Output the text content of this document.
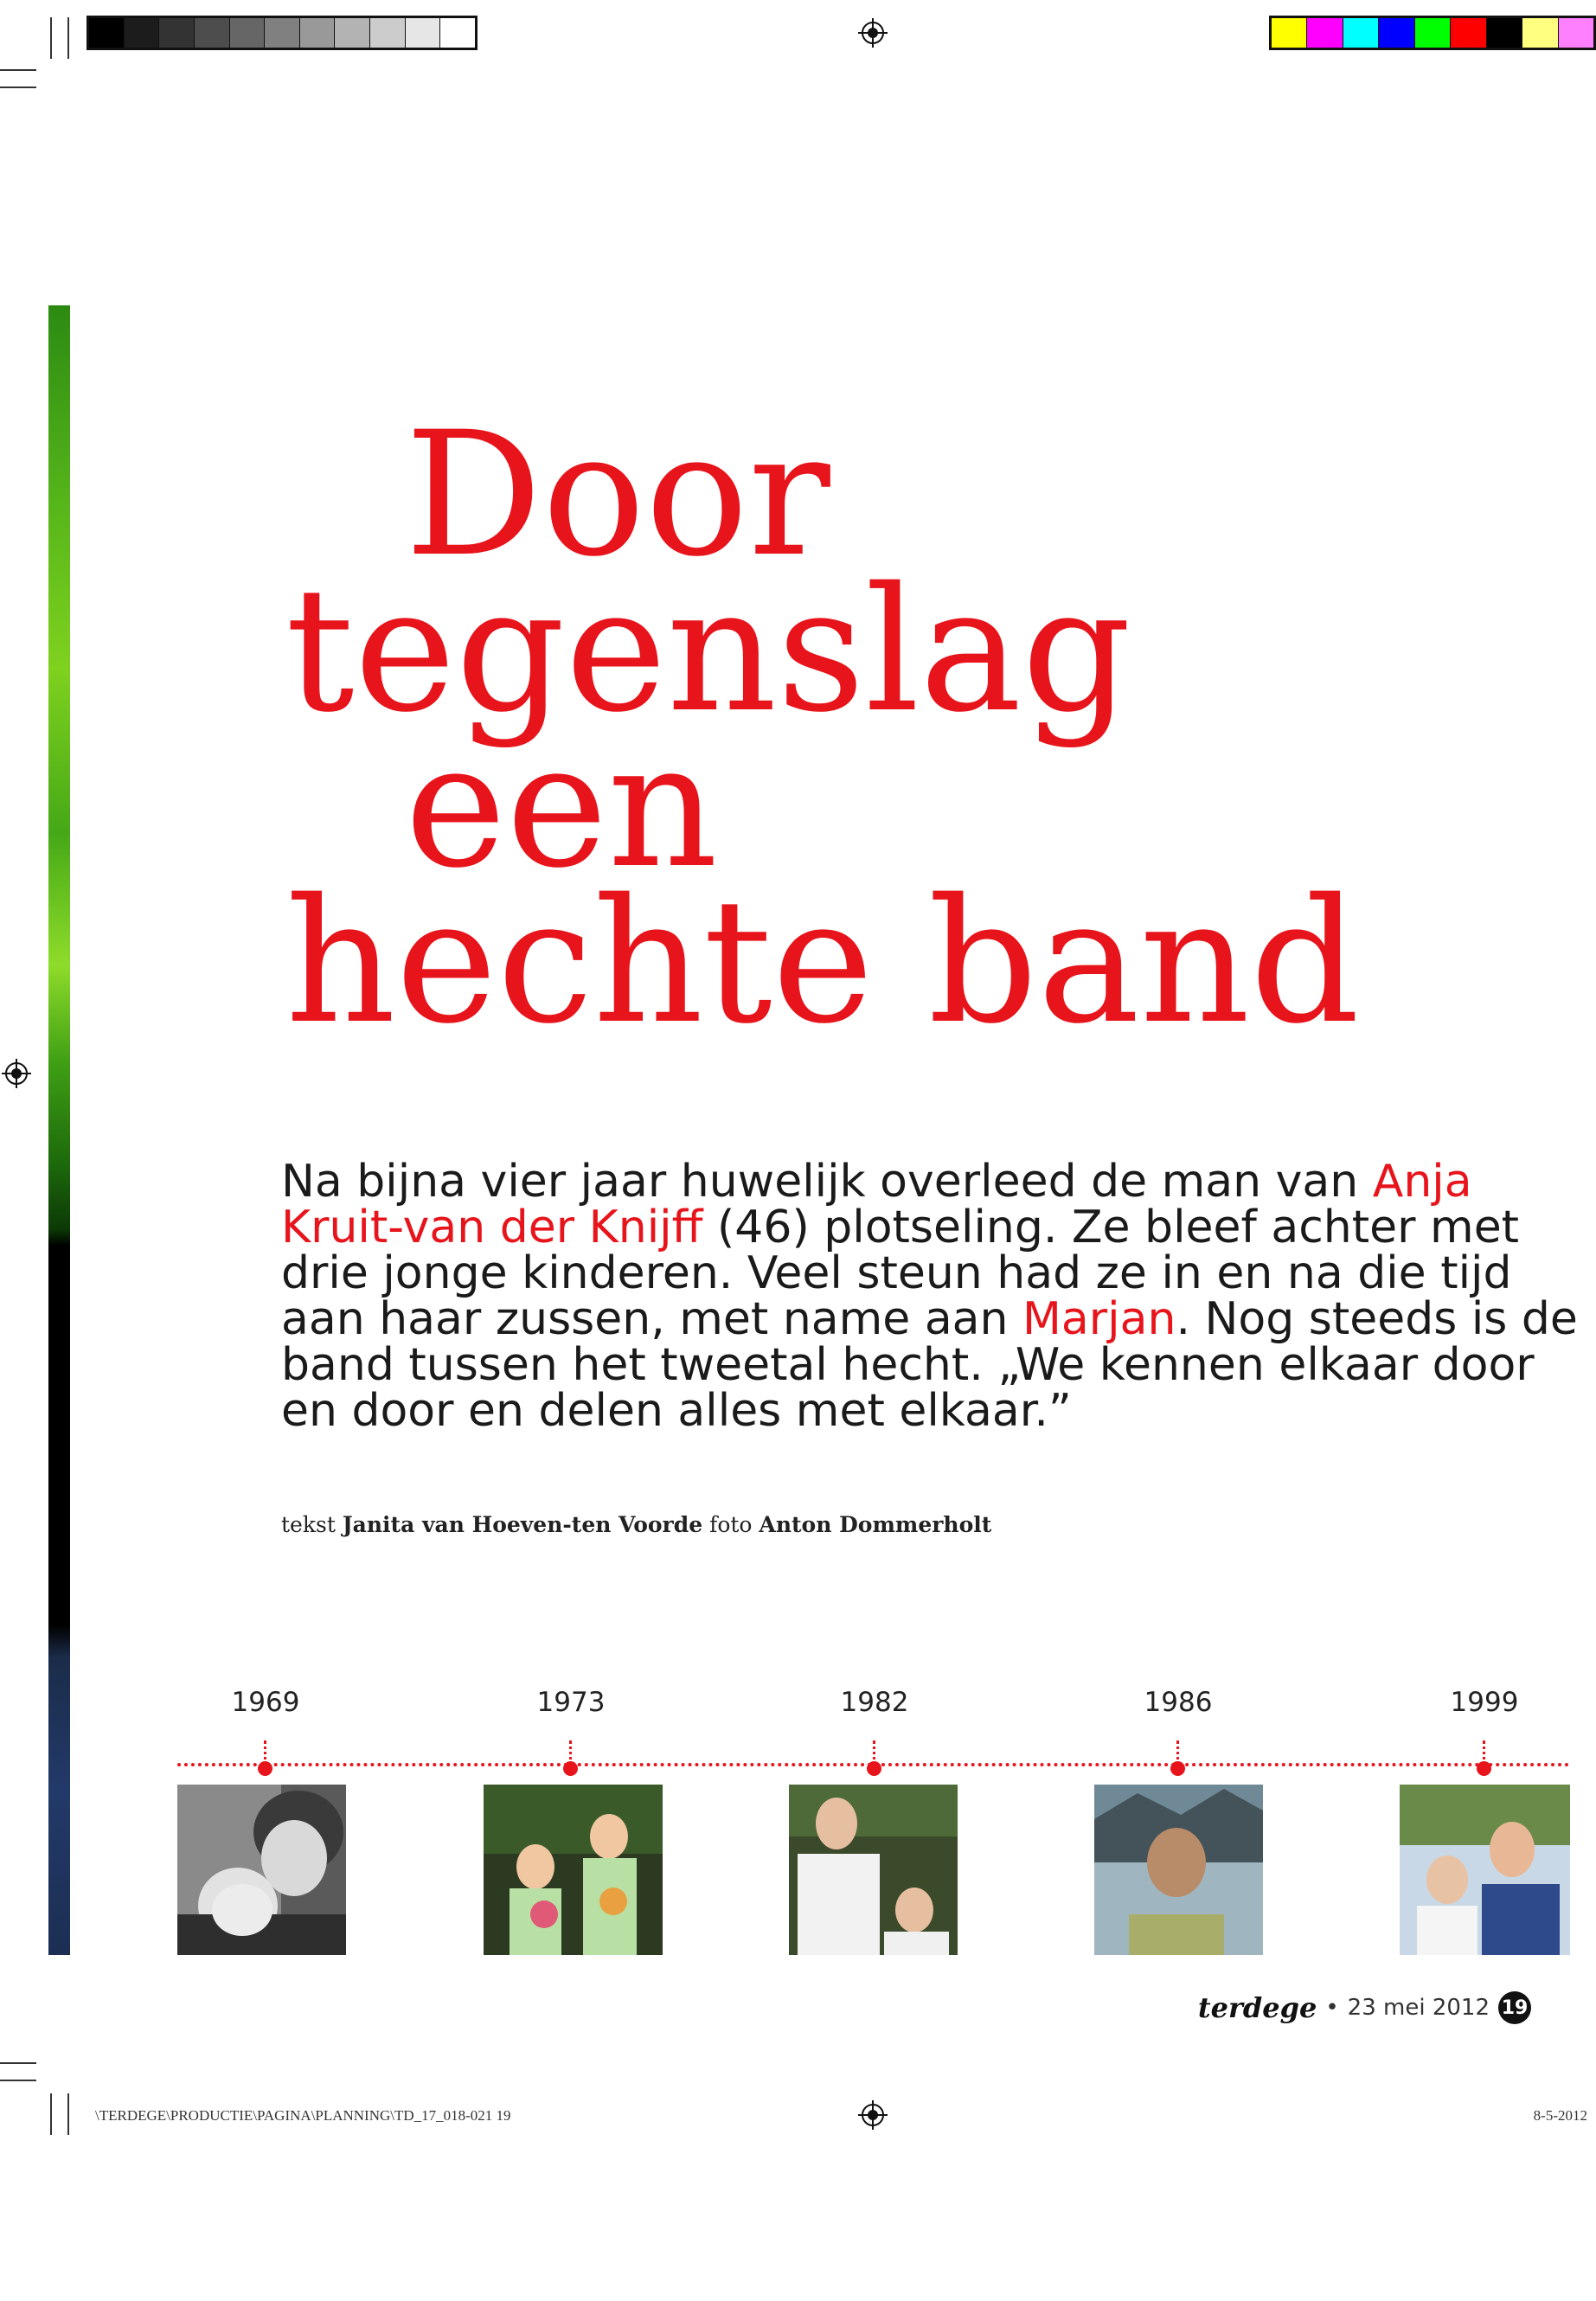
Door
tegenslag
een
hechte band
Na bijna vier jaar huwelijk overleed de man van Anja
Kruit-van der Knijff (46) plotseling. Ze bleef achter met
drie jonge kinderen. Veel steun had ze in en na die tijd
aan haar zussen, met name aan Marjan. Nog steeds is de
band tussen het tweetal hecht. „We kennen elkaar door
en door en delen alles met elkaar.”
tekst Janita van Hoeven-ten Voorde foto Anton Dommerholt
1969	1973	1982	1986	1999
terdege • 23 mei 2012 19
\TERDEGE\PRODUCTIE\PAGINA\PLANNING\TD_17_018-021 19	8-5-2012
